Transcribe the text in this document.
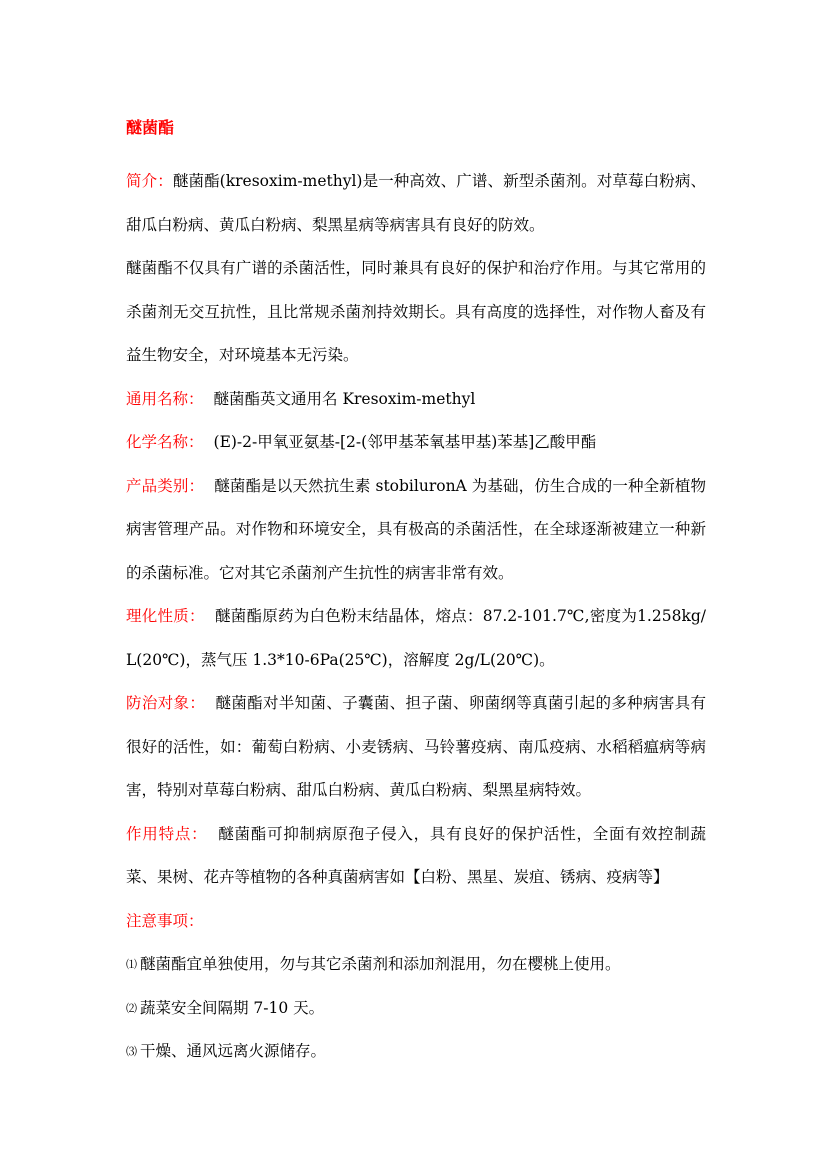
醚菌酯

简介：醚菌酯(kresoxim-methyl)是一种高效、广谱、新型杀菌剂。对草莓白粉病、甜瓜白粉病、黄瓜白粉病、梨黑星病等病害具有良好的防效。

醚菌酯不仅具有广谱的杀菌活性，同时兼具有良好的保护和治疗作用。与其它常用的杀菌剂无交互抗性，且比常规杀菌剂持效期长。具有高度的选择性，对作物人畜及有益生物安全，对环境基本无污染。

通用名称： 醚菌酯英文通用名 Kresoxim-methyl

化学名称： (E)-2-甲氧亚氨基-[2-(邻甲基苯氧基甲基)苯基]乙酸甲酯

产品类别： 醚菌酯是以天然抗生素 stobiluronA 为基础，仿生合成的一种全新植物病害管理产品。对作物和环境安全，具有极高的杀菌活性，在全球逐渐被建立一种新的杀菌标准。它对其它杀菌剂产生抗性的病害非常有效。

理化性质： 醚菌酯原药为白色粉末结晶体，熔点：87.2-101.7℃,密度为1.258kg/L(20℃)，蒸气压 1.3*10-6Pa(25℃)，溶解度 2g/L(20℃)。

防治对象： 醚菌酯对半知菌、子囊菌、担子菌、卵菌纲等真菌引起的多种病害具有很好的活性，如：葡萄白粉病、小麦锈病、马铃薯疫病、南瓜疫病、水稻稻瘟病等病害，特别对草莓白粉病、甜瓜白粉病、黄瓜白粉病、梨黑星病特效。

作用特点： 醚菌酯可抑制病原孢子侵入，具有良好的保护活性，全面有效控制蔬菜、果树、花卉等植物的各种真菌病害如【白粉、黑星、炭疽、锈病、疫病等】

注意事项：

⑴ 醚菌酯宜单独使用，勿与其它杀菌剂和添加剂混用，勿在樱桃上使用。

⑵ 蔬菜安全间隔期 7-10 天。

⑶ 干燥、通风远离火源储存。
